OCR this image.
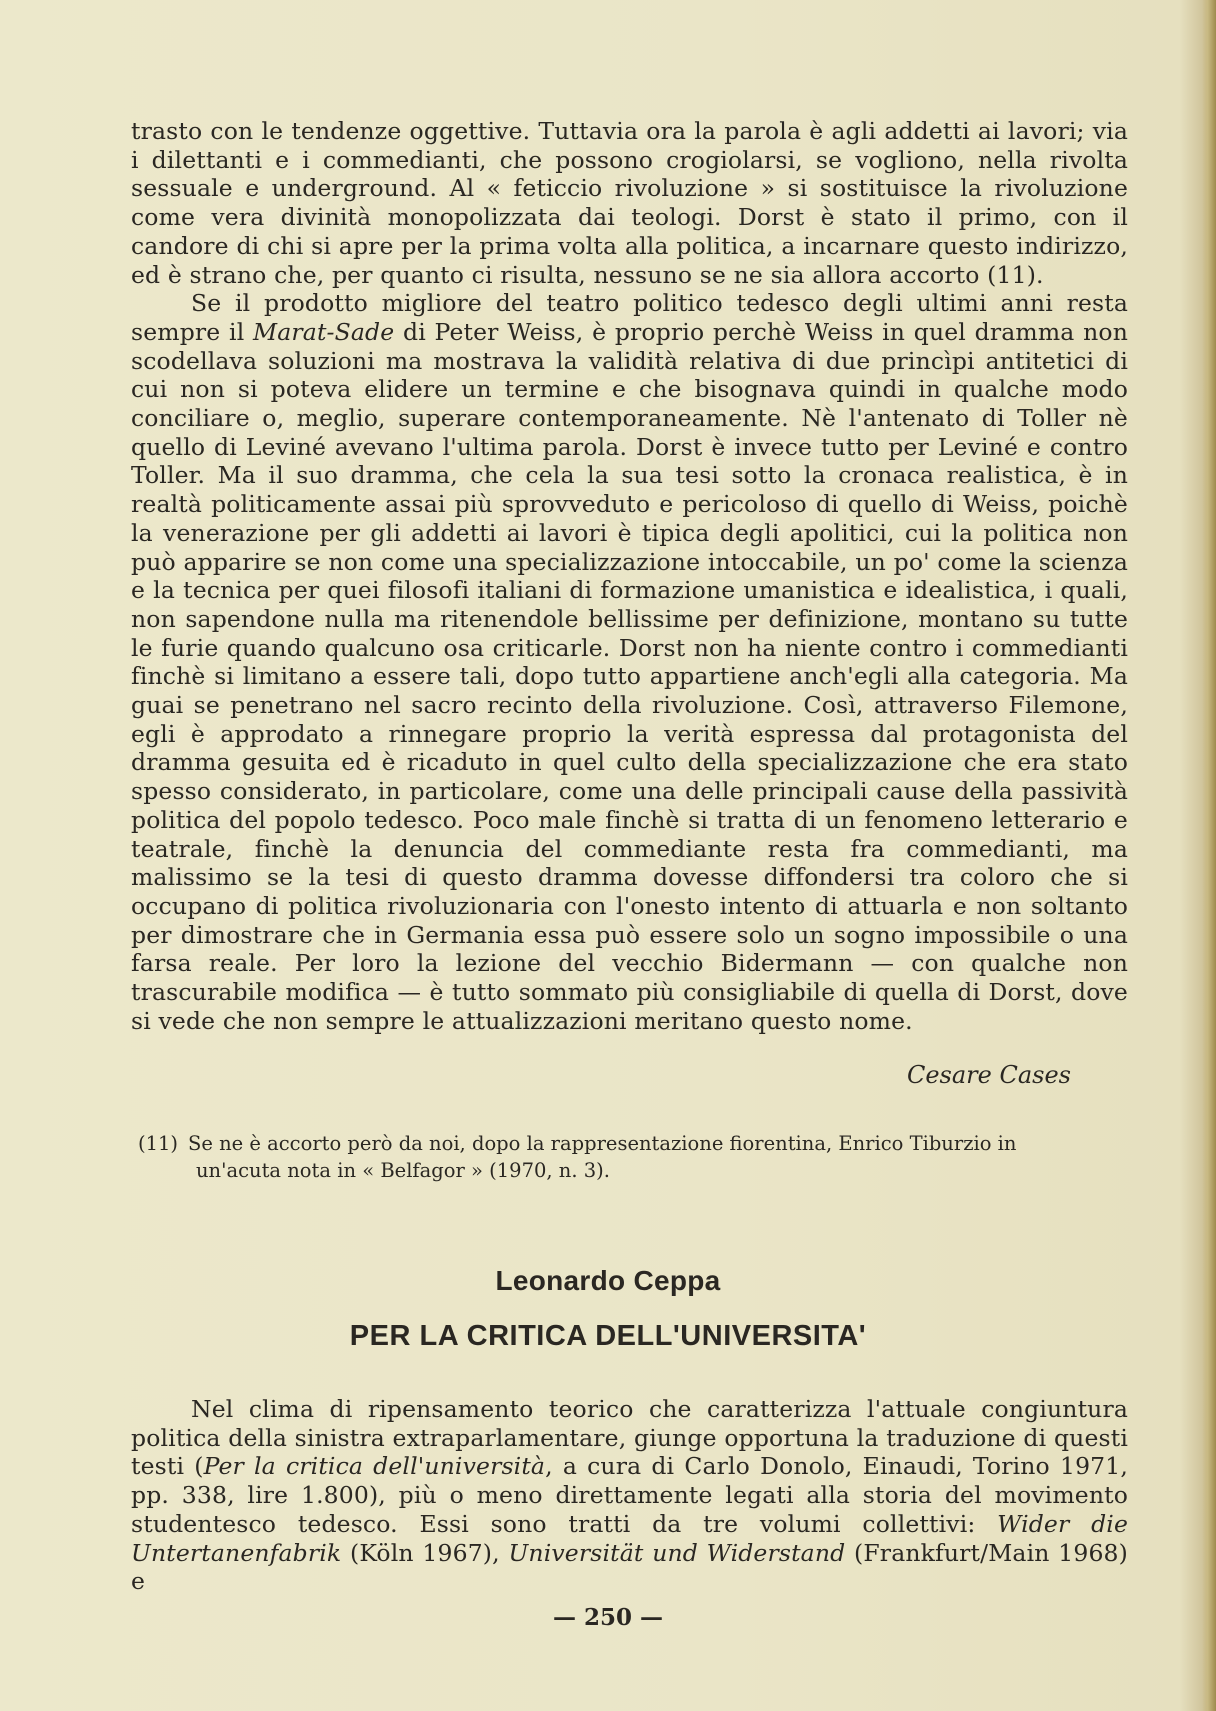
trasto con le tendenze oggettive. Tuttavia ora la parola è agli addetti ai lavori; via i dilettanti e i commedianti, che possono crogiolarsi, se vogliono, nella rivolta sessuale e underground. Al « feticcio rivoluzione » si sostituisce la rivoluzione come vera divinità monopolizzata dai teologi. Dorst è stato il primo, con il candore di chi si apre per la prima volta alla politica, a incarnare questo indirizzo, ed è strano che, per quanto ci risulta, nessuno se ne sia allora accorto (11).

Se il prodotto migliore del teatro politico tedesco degli ultimi anni resta sempre il Marat-Sade di Peter Weiss, è proprio perchè Weiss in quel dramma non scodellava soluzioni ma mostrava la validità relativa di due princìpi antitetici di cui non si poteva elidere un termine e che bisognava quindi in qualche modo conciliare o, meglio, superare contemporaneamente. Nè l'antenato di Toller nè quello di Leviné avevano l'ultima parola. Dorst è invece tutto per Leviné e contro Toller. Ma il suo dramma, che cela la sua tesi sotto la cronaca realistica, è in realtà politicamente assai più sprovveduto e pericoloso di quello di Weiss, poichè la venerazione per gli addetti ai lavori è tipica degli apolitici, cui la politica non può apparire se non come una specializzazione intoccabile, un po' come la scienza e la tecnica per quei filosofi italiani di formazione umanistica e idealistica, i quali, non sapendone nulla ma ritenendole bellissime per definizione, montano su tutte le furie quando qualcuno osa criticarle. Dorst non ha niente contro i commedianti finchè si limitano a essere tali, dopo tutto appartiene anch'egli alla categoria. Ma guai se penetrano nel sacro recinto della rivoluzione. Così, attraverso Filemone, egli è approdato a rinnegare proprio la verità espressa dal protagonista del dramma gesuita ed è ricaduto in quel culto della specializzazione che era stato spesso considerato, in particolare, come una delle principali cause della passività politica del popolo tedesco. Poco male finchè si tratta di un fenomeno letterario e teatrale, finchè la denuncia del commediante resta fra commedianti, ma malissimo se la tesi di questo dramma dovesse diffondersi tra coloro che si occupano di politica rivoluzionaria con l'onesto intento di attuarla e non soltanto per dimostrare che in Germania essa può essere solo un sogno impossibile o una farsa reale. Per loro la lezione del vecchio Bidermann — con qualche non trascurabile modifica — è tutto sommato più consigliabile di quella di Dorst, dove si vede che non sempre le attualizzazioni meritano questo nome.

Cesare Cases
(11) Se ne è accorto però da noi, dopo la rappresentazione fiorentina, Enrico Tiburzio in
un'acuta nota in « Belfagor » (1970, n. 3).
Leonardo Ceppa
PER LA CRITICA DELL'UNIVERSITA'

Nel clima di ripensamento teorico che caratterizza l'attuale congiuntura politica della sinistra extraparlamentare, giunge opportuna la traduzione di questi testi (Per la critica dell'università, a cura di Carlo Donolo, Einaudi, Torino 1971, pp. 338, lire 1.800), più o meno direttamente legati alla storia del movimento studentesco tedesco. Essi sono tratti da tre volumi collettivi: Wider die Untertanenfabrik (Köln 1967), Universität und Widerstand (Frankfurt/Main 1968) e

— 250 —
